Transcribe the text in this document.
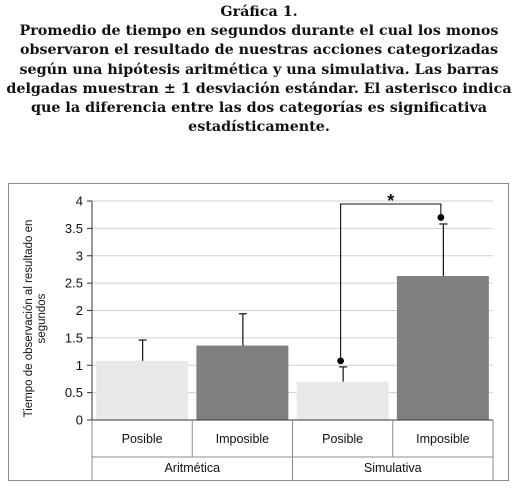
Gráfica 1.
Promedio de tiempo en segundos durante el cual los monos
observaron el resultado de nuestras acciones categorizadas
según una hipótesis aritmética y una simulativa. Las barras
delgadas muestran ± 1 desviación estándar. El asterisco indica
que la diferencia entre las dos categorías es significativa
estadísticamente.
0
0.5
1
1.5
2
2.5
3
3.5
4
Posible	Imposible	Posible	Imposible
Aritmética	Simulativa
*
Tiempo de observación al resultado ensegundos
